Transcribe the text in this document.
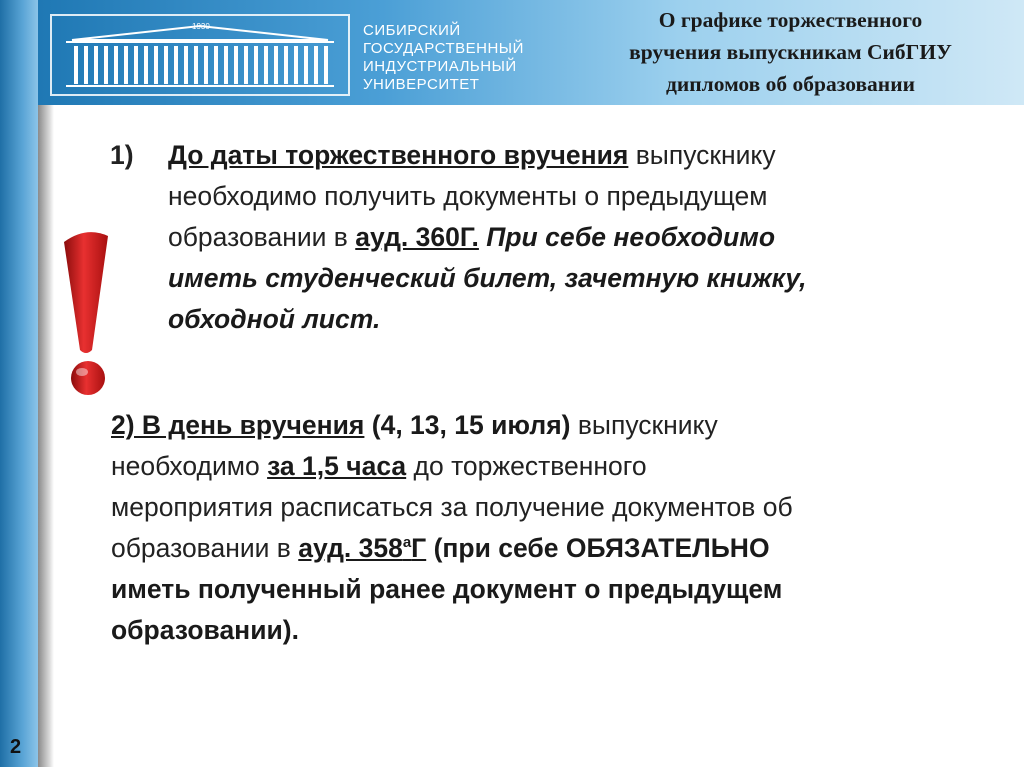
1930	СИБИРСКИЙ
ГОСУДАРСТВЕННЫЙ
ИНДУСТРИАЛЬНЫЙ
УНИВЕРСИТЕТ
О графике торжественного
вручения выпускникам СибГИУ
дипломов об образовании
1) До даты торжественного вручения выпускнику
необходимо получить документы о предыдущем
образовании в ауд. 360Г. При себе необходимо
иметь студенческий билет, зачетную книжку,
обходной лист.
2) В день вручения (4, 13, 15 июля) выпускнику
необходимо за 1,5 часа до торжественного
мероприятия расписаться за получение документов об
образовании в ауд. $358^аГ$ (при себе ОБЯЗАТЕЛЬНО
иметь полученный ранее документ о предыдущем
образовании).
2
